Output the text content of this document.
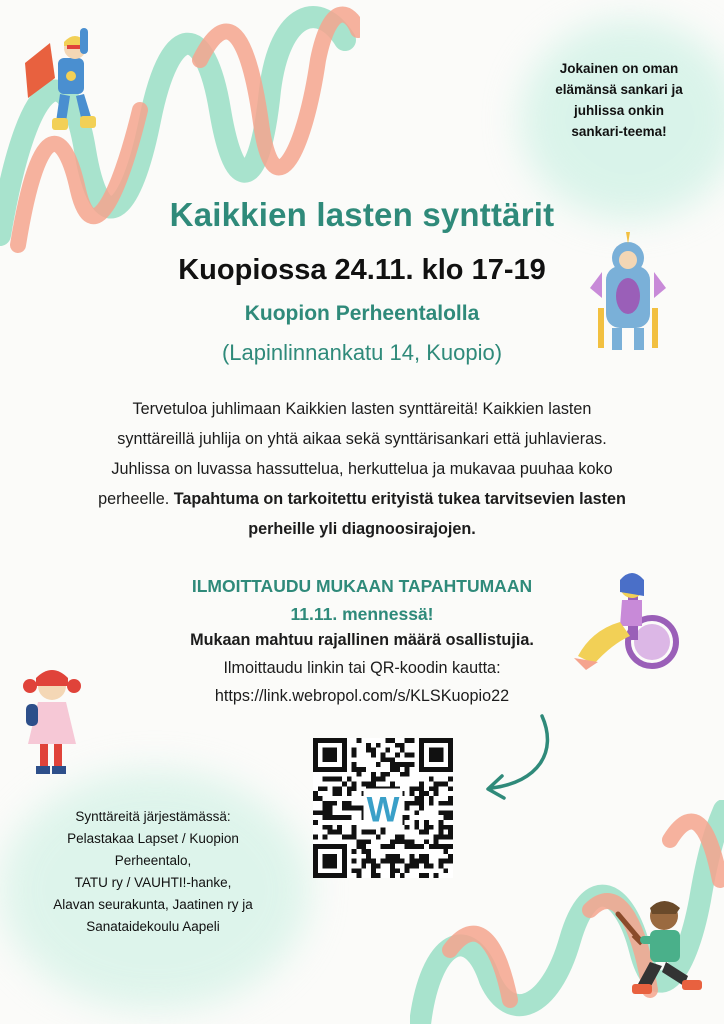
Jokainen on oman
elämänsä sankari ja
juhlissa onkin
sankari-teema!
Kaikkien lasten synttärit
Kuopiossa 24.11. klo 17-19
Kuopion Perheentalolla
(Lapinlinnankatu 14, Kuopio)
Tervetuloa juhlimaan Kaikkien lasten synttäreitä! Kaikkien lasten synttäreillä juhlija on yhtä aikaa sekä synttärisankari että juhlavieras. Juhlissa on luvassa hassuttelua, herkuttelua ja mukavaa puuhaa koko perheelle. Tapahtuma on tarkoitettu erityistä tukea tarvitsevien lasten perheille yli diagnoosirajojen.
ILMOITTAUDU MUKAAN TAPAHTUMAAN
11.11. mennessä!
Mukaan mahtuu rajallinen määrä osallistujia.
Ilmoittaudu linkin tai QR-koodin kautta:
https://link.webropol.com/s/KLSKuopio22
W
Synttäreitä järjestämässä:
Pelastakaa Lapset / Kuopion
Perheentalo,
TATU ry / VAUHTI!-hanke,
Alavan seurakunta, Jaatinen ry ja
Sanataidekoulu Aapeli
